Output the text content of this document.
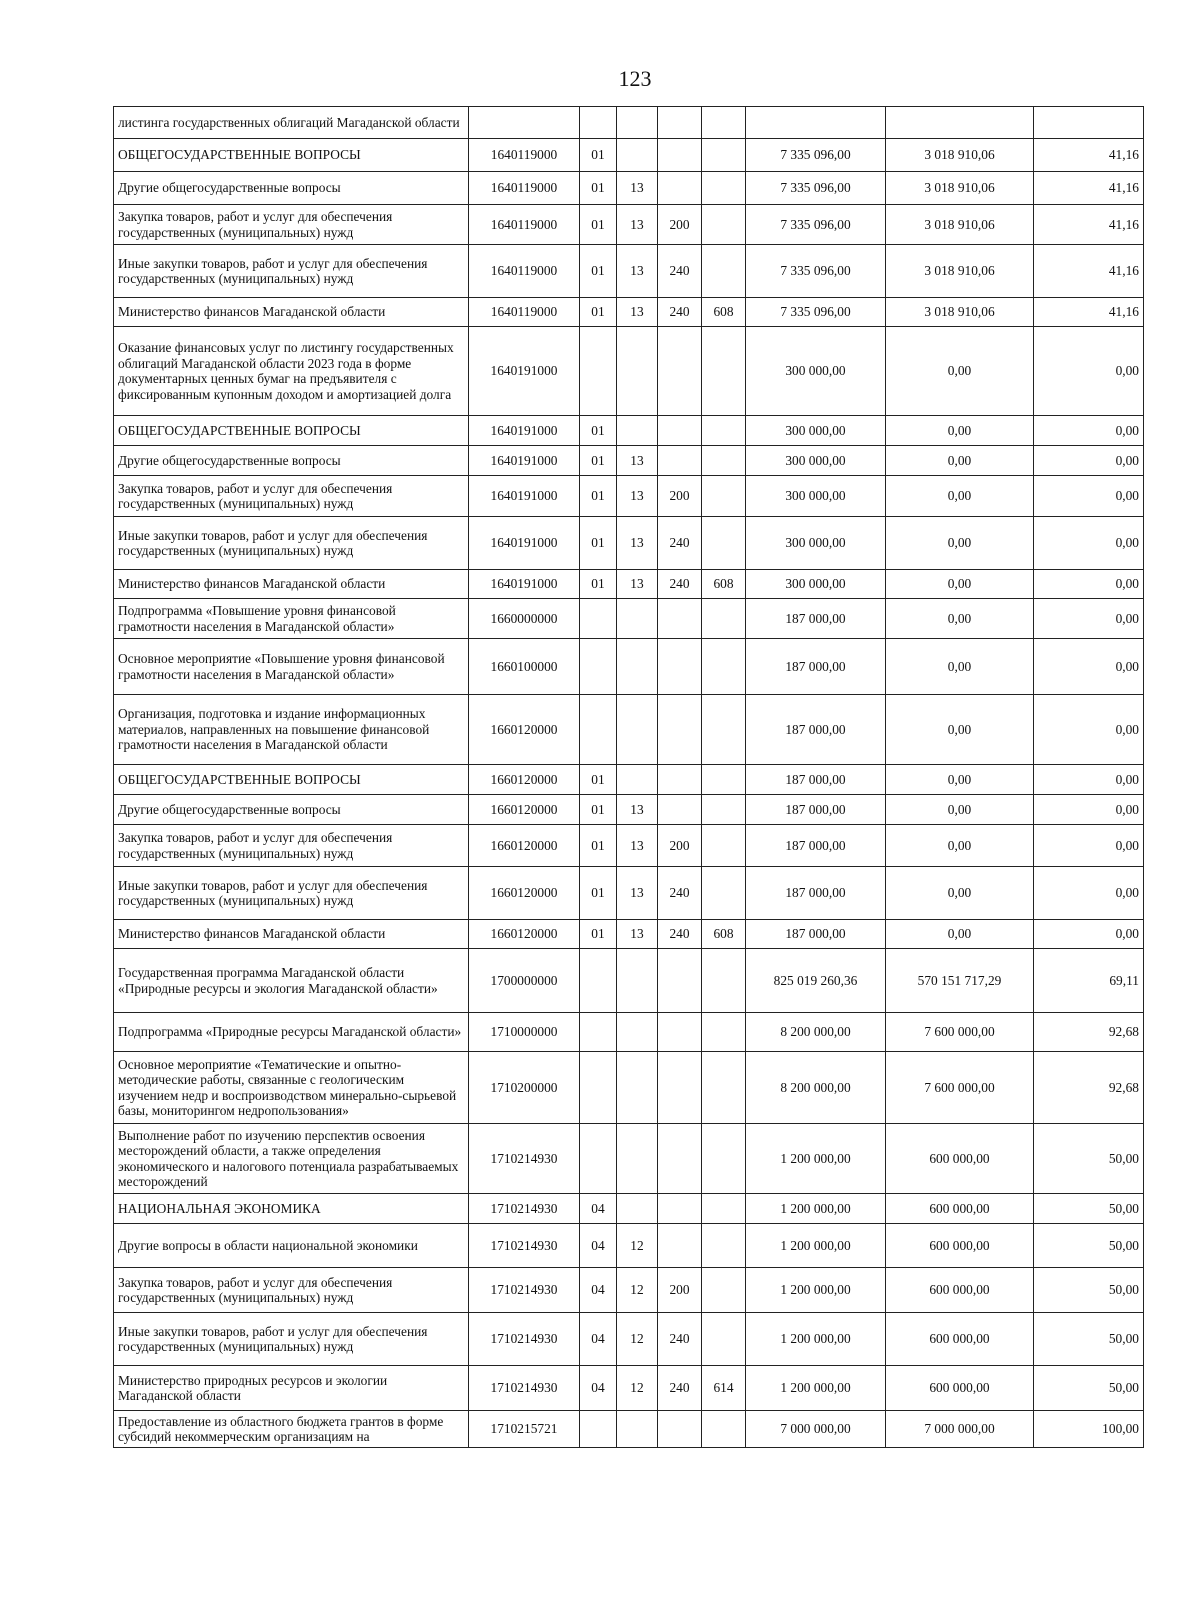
123
листинга государственных облигаций Магаданской области								
ОБЩЕГОСУДАРСТВЕННЫЕ ВОПРОСЫ	1640119000	01				7 335 096,00	3 018 910,06	41,16
Другие общегосударственные вопросы	1640119000	01	13			7 335 096,00	3 018 910,06	41,16
Закупка товаров, работ и услуг для обеспечения государственных (муниципальных) нужд	1640119000	01	13	200		7 335 096,00	3 018 910,06	41,16
Иные закупки товаров, работ и услуг для обеспечения государственных (муниципальных) нужд	1640119000	01	13	240		7 335 096,00	3 018 910,06	41,16
Министерство финансов Магаданской области	1640119000	01	13	240	608	7 335 096,00	3 018 910,06	41,16
Оказание финансовых услуг по листингу государственных облигаций Магаданской области 2023 года в форме документарных ценных бумаг на предъявителя с фиксированным купонным доходом и амортизацией долга	1640191000					300 000,00	0,00	0,00
ОБЩЕГОСУДАРСТВЕННЫЕ ВОПРОСЫ	1640191000	01				300 000,00	0,00	0,00
Другие общегосударственные вопросы	1640191000	01	13			300 000,00	0,00	0,00
Закупка товаров, работ и услуг для обеспечения государственных (муниципальных) нужд	1640191000	01	13	200		300 000,00	0,00	0,00
Иные закупки товаров, работ и услуг для обеспечения государственных (муниципальных) нужд	1640191000	01	13	240		300 000,00	0,00	0,00
Министерство финансов Магаданской области	1640191000	01	13	240	608	300 000,00	0,00	0,00
Подпрограмма «Повышение уровня финансовой грамотности населения в Магаданской области»	1660000000					187 000,00	0,00	0,00
Основное мероприятие «Повышение уровня финансовой грамотности населения в Магаданской области»	1660100000					187 000,00	0,00	0,00
Организация, подготовка и издание информационных материалов, направленных на повышение финансовой грамотности населения в Магаданской области	1660120000					187 000,00	0,00	0,00
ОБЩЕГОСУДАРСТВЕННЫЕ ВОПРОСЫ	1660120000	01				187 000,00	0,00	0,00
Другие общегосударственные вопросы	1660120000	01	13			187 000,00	0,00	0,00
Закупка товаров, работ и услуг для обеспечения государственных (муниципальных) нужд	1660120000	01	13	200		187 000,00	0,00	0,00
Иные закупки товаров, работ и услуг для обеспечения государственных (муниципальных) нужд	1660120000	01	13	240		187 000,00	0,00	0,00
Министерство финансов Магаданской области	1660120000	01	13	240	608	187 000,00	0,00	0,00
Государственная программа Магаданской области «Природные ресурсы и экология Магаданской области»	1700000000					825 019 260,36	570 151 717,29	69,11
Подпрограмма «Природные ресурсы Магаданской области»	1710000000					8 200 000,00	7 600 000,00	92,68
Основное мероприятие «Тематические и опытно-методические работы, связанные с геологическим изучением недр и воспроизводством минерально-сырьевой базы, мониторингом недропользования»	1710200000					8 200 000,00	7 600 000,00	92,68
Выполнение работ по изучению перспектив освоения месторождений области, а также определения экономического и налогового потенциала разрабатываемых месторождений	1710214930					1 200 000,00	600 000,00	50,00
НАЦИОНАЛЬНАЯ ЭКОНОМИКА	1710214930	04				1 200 000,00	600 000,00	50,00
Другие вопросы в области национальной экономики	1710214930	04	12			1 200 000,00	600 000,00	50,00
Закупка товаров, работ и услуг для обеспечения государственных (муниципальных) нужд	1710214930	04	12	200		1 200 000,00	600 000,00	50,00
Иные закупки товаров, работ и услуг для обеспечения государственных (муниципальных) нужд	1710214930	04	12	240		1 200 000,00	600 000,00	50,00
Министерство природных ресурсов и экологии Магаданской области	1710214930	04	12	240	614	1 200 000,00	600 000,00	50,00
Предоставление из областного бюджета грантов в форме субсидий некоммерческим организациям на	1710215721					7 000 000,00	7 000 000,00	100,00
